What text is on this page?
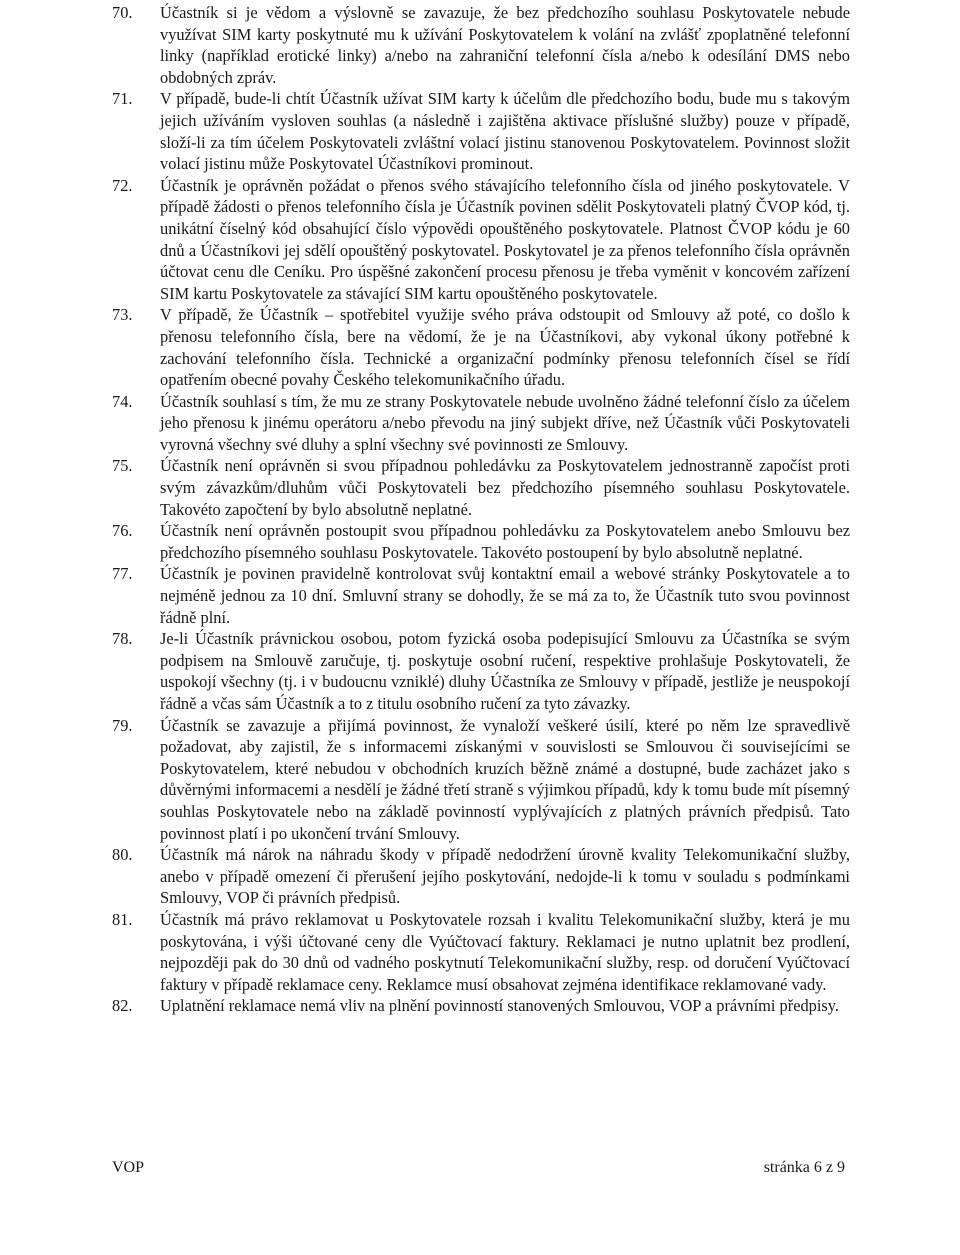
70.	Účastník si je vědom a výslovně se zavazuje, že bez předchozího souhlasu Poskytovatele nebude využívat SIM karty poskytnuté mu k užívání Poskytovatelem k volání na zvlášť zpoplatněné telefonní linky (například erotické linky) a/nebo na zahraniční telefonní čísla a/nebo k odesílání DMS nebo obdobných zpráv.

71.	V případě, bude-li chtít Účastník užívat SIM karty k účelům dle předchozího bodu, bude mu s takovým jejich užíváním vysloven souhlas (a následně i zajištěna aktivace příslušné služby) pouze v případě, složí-li za tím účelem Poskytovateli zvláštní volací jistinu stanovenou Poskytovatelem. Povinnost složit volací jistinu může Poskytovatel Účastníkovi prominout.

72.	Účastník je oprávněn požádat o přenos svého stávajícího telefonního čísla od jiného poskytovatele. V případě žádosti o přenos telefonního čísla je Účastník povinen sdělit Poskytovateli platný ČVOP kód, tj. unikátní číselný kód obsahující číslo výpovědi opouštěného poskytovatele. Platnost ČVOP kódu je 60 dnů a Účastníkovi jej sdělí opouštěný poskytovatel. Poskytovatel je za přenos telefonního čísla oprávněn účtovat cenu dle Ceníku. Pro úspěšné zakončení procesu přenosu je třeba vyměnit v koncovém zařízení SIM kartu Poskytovatele za stávající SIM kartu opouštěného poskytovatele.

73.	V případě, že Účastník – spotřebitel využije svého práva odstoupit od Smlouvy až poté, co došlo k přenosu telefonního čísla, bere na vědomí, že je na Účastníkovi, aby vykonal úkony potřebné k zachování telefonního čísla. Technické a organizační podmínky přenosu telefonních čísel se řídí opatřením obecné povahy Českého telekomunikačního úřadu.

74.	Účastník souhlasí s tím, že mu ze strany Poskytovatele nebude uvolněno žádné telefonní číslo za účelem jeho přenosu k jinému operátoru a/nebo převodu na jiný subjekt dříve, než Účastník vůči Poskytovateli vyrovná všechny své dluhy a splní všechny své povinnosti ze Smlouvy.

75.	Účastník není oprávněn si svou případnou pohledávku za Poskytovatelem jednostranně započíst proti svým závazkům/dluhům vůči Poskytovateli bez předchozího písemného souhlasu Poskytovatele. Takovéto započtení by bylo absolutně neplatné.

76.	Účastník není oprávněn postoupit svou případnou pohledávku za Poskytovatelem anebo Smlouvu bez předchozího písemného souhlasu Poskytovatele. Takovéto postoupení by bylo absolutně neplatné.

77.	Účastník je povinen pravidelně kontrolovat svůj kontaktní email a webové stránky Poskytovatele a to nejméně jednou za 10 dní. Smluvní strany se dohodly, že se má za to, že Účastník tuto svou povinnost řádně plní.

78.	Je-li Účastník právnickou osobou, potom fyzická osoba podepisující Smlouvu za Účastníka se svým podpisem na Smlouvě zaručuje, tj. poskytuje osobní ručení, respektive prohlašuje Poskytovateli, že uspokojí všechny (tj. i v budoucnu vzniklé) dluhy Účastníka ze Smlouvy v případě, jestliže je neuspokojí řádně a včas sám Účastník a to z titulu osobního ručení za tyto závazky.

79.	Účastník se zavazuje a přijímá povinnost, že vynaloží veškeré úsilí, které po něm lze spravedlivě požadovat, aby zajistil, že s informacemi získanými v souvislosti se Smlouvou či souvisejícími se Poskytovatelem, které nebudou v obchodních kruzích běžně známé a dostupné, bude zacházet jako s důvěrnými informacemi a nesdělí je žádné třetí straně s výjimkou případů, kdy k tomu bude mít písemný souhlas Poskytovatele nebo na základě povinností vyplývajících z platných právních předpisů. Tato povinnost platí i po ukončení trvání Smlouvy.

80.	Účastník má nárok na náhradu škody v případě nedodržení úrovně kvality Telekomunikační služby, anebo v případě omezení či přerušení jejího poskytování, nedojde-li k tomu v souladu s podmínkami Smlouvy, VOP či právních předpisů.

81.	Účastník má právo reklamovat u Poskytovatele rozsah i kvalitu Telekomunikační služby, která je mu poskytována, i výši účtované ceny dle Vyúčtovací faktury. Reklamaci je nutno uplatnit bez prodlení, nejpozději pak do 30 dnů od vadného poskytnutí Telekomunikační služby, resp. od doručení Vyúčtovací faktury v případě reklamace ceny. Reklamce musí obsahovat zejména identifikace reklamované vady.

82.	Uplatnění reklamace nemá vliv na plnění povinností stanovených Smlouvou, VOP a právními předpisy.

VOP	stránka 6 z 9
